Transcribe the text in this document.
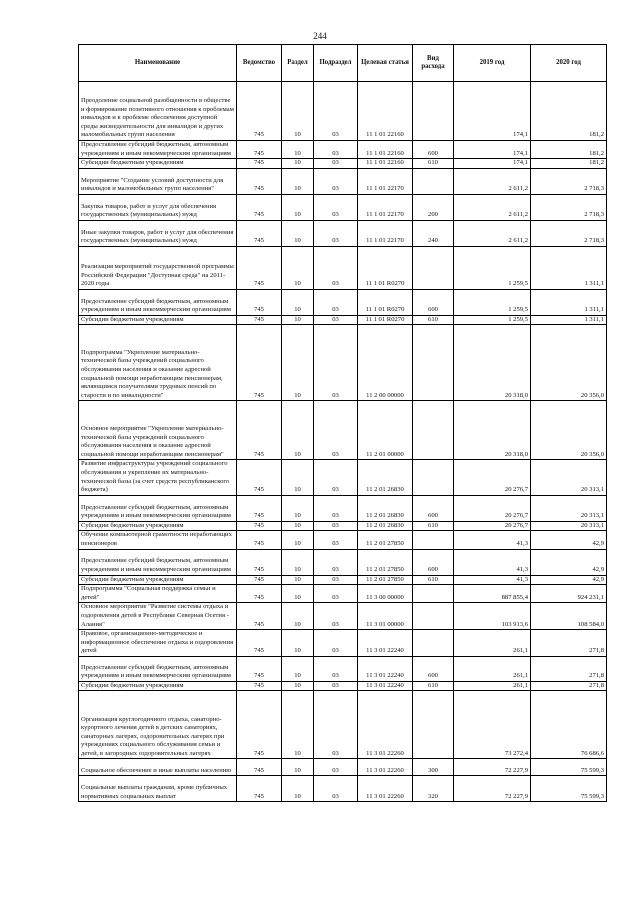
244
Наименование	Ведомство	Раздел	Подраздел	Целевая статья	Вид расхода	2019 год	2020 год
Преодоление социальной разобщенности в обществе и формирование позитивного отношения к проблемам инвалидов и к проблеме обеспечения доступной среды жизнедеятельности для инвалидов и других маломобильных групп населения	745	10	03	11 1 01 22160		174,1	181,2
Предоставление субсидий бюджетным, автономным учреждениям и иным некоммерческим организациям	745	10	03	11 1 01 22160	600	174,1	181,2
Субсидии бюджетным учреждениям	745	10	03	11 1 01 22160	610	174,1	181,2
Мероприятие "Создание условий доступности для инвалидов и маломобильных групп населения"	745	10	03	11 1 01 22170		2 611,2	2 718,3
Закупка товаров, работ и услуг для обеспечения государственных (муниципальных) нужд	745	10	03	11 1 01 22170	200	2 611,2	2 718,3
Иные закупки товаров, работ и услуг для обеспечения государственных (муниципальных) нужд	745	10	03	11 1 01 22170	240	2 611,2	2 718,3
Реализация мероприятий государственной программы Российской Федерации "Доступная среда" на 2011-2020 годы	745	10	03	11 1 01 R0270		1 259,5	1 311,1
Предоставление субсидий бюджетным, автономным учреждениям и иным некоммерческим организациям	745	10	03	11 1 01 R0270	600	1 259,5	1 311,1
Субсидии бюджетным учреждениям	745	10	03	11 1 01 R0270	610	1 259,5	1 311,1
Подпрограмма "Укрепление материально-технической базы учреждений социального обслуживания населения и оказание адресной социальной помощи неработающим пенсионерам, являющимся получателями трудовых пенсий по старости и по инвалидности"	745	10	03	11 2 00 00000		20 318,0	20 356,0
Основное мероприятие "Укрепление материально-технической базы учреждений социального обслуживания населения и оказание адресной социальной помощи неработающим пенсионерам"	745	10	03	11 2 01 00000		20 318,0	20 356,0
Развитие инфраструктуры учреждений социального обслуживания и укрепление их материально-технической базы (за счет средств республиканского бюджета)	745	10	03	11 2 01 26830		20 276,7	20 313,1
Предоставление субсидий бюджетным, автономным учреждениям и иным некоммерческим организациям	745	10	03	11 2 01 26830	600	20 276,7	20 313,1
Субсидии бюджетным учреждениям	745	10	03	11 2 01 26830	610	20 276,7	20 313,1
Обучение компьютерной грамотности неработающих пенсионеров	745	10	03	11 2 01 27850		41,3	42,9
Предоставление субсидий бюджетным, автономным учреждениям и иным некоммерческим организациям	745	10	03	11 2 01 27850	600	41,3	42,9
Субсидии бюджетным учреждениям	745	10	03	11 2 01 27850	610	41,3	42,9
Подпрограмма "Социальная поддержка семьи и детей"	745	10	03	11 3 00 00000		887 855,4	924 231,1
Основное мероприятие "Развитие системы отдыха и оздоровления детей в Республике Северная Осетия - Алания"	745	10	03	11 3 01 00000		103 913,6	108 584,0
Правовое, организационно-методическое и информационное обеспечение отдыха и оздоровления детей	745	10	03	11 3 01 22240		261,1	271,8
Предоставление субсидий бюджетным, автономным учреждениям и иным некоммерческим организациям	745	10	03	11 3 01 22240	600	261,1	271,8
Субсидии бюджетным учреждениям	745	10	03	11 3 01 22240	610	261,1	271,8
Организация круглогодичного отдыха, санаторно-курортного лечения детей в детских санаториях, санаторных лагерях, оздоровительных лагерях при учреждениях социального обслуживания семьи и детей, в загородных оздоровительных лагерях	745	10	03	11 3 01 22260		73 272,4	76 686,6
Социальное обеспечение и иные выплаты населению	745	10	03	11 3 01 22260	300	72 227,9	75 599,3
Социальные выплаты гражданам, кроме публичных нормативных социальных выплат	745	10	03	11 3 01 22260	320	72 227,9	75 599,3
